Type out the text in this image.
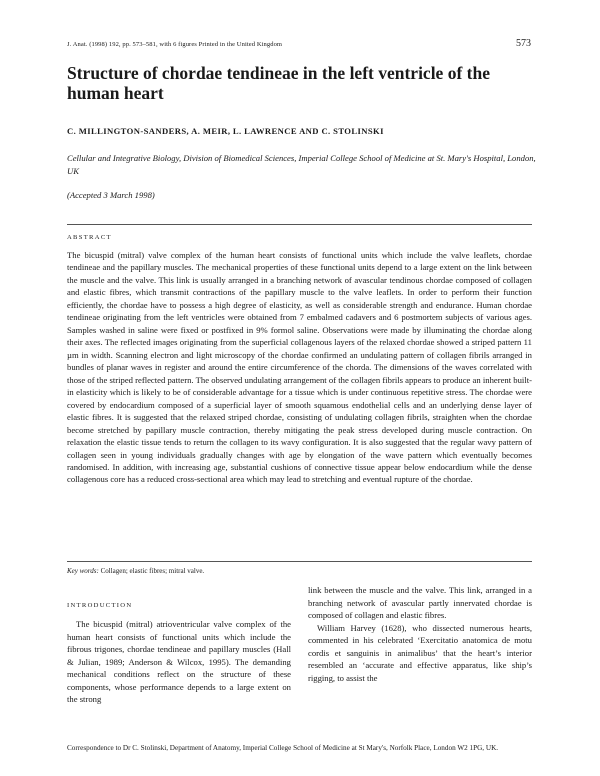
J. Anat. (1998) 192, pp. 573–581, with 6 figures Printed in the United Kingdom	573
Structure of chordae tendineae in the left ventricle of the human heart
C. MILLINGTON-SANDERS, A. MEIR, L. LAWRENCE AND C. STOLINSKI
Cellular and Integrative Biology, Division of Biomedical Sciences, Imperial College School of Medicine at St. Mary's Hospital, London, UK
(Accepted 3 March 1998)
ABSTRACT
The bicuspid (mitral) valve complex of the human heart consists of functional units which include the valve leaflets, chordae tendineae and the papillary muscles. The mechanical properties of these functional units depend to a large extent on the link between the muscle and the valve. This link is usually arranged in a branching network of avascular tendinous chordae composed of collagen and elastic fibres, which transmit contractions of the papillary muscle to the valve leaflets. In order to perform their function efficiently, the chordae have to possess a high degree of elasticity, as well as considerable strength and endurance. Human chordae tendineae originating from the left ventricles were obtained from 7 embalmed cadavers and 6 postmortem subjects of various ages. Samples washed in saline were fixed or postfixed in 9% formol saline. Observations were made by illuminating the chordae along their axes. The reflected images originating from the superficial collagenous layers of the relaxed chordae showed a striped pattern 11 µm in width. Scanning electron and light microscopy of the chordae confirmed an undulating pattern of collagen fibrils arranged in bundles of planar waves in register and around the entire circumference of the chorda. The dimensions of the waves correlated with those of the striped reflected pattern. The observed undulating arrangement of the collagen fibrils appears to produce an inherent built-in elasticity which is likely to be of considerable advantage for a tissue which is under continuous repetitive stress. The chordae were covered by endocardium composed of a superficial layer of smooth squamous endothelial cells and an underlying dense layer of elastic fibres. It is suggested that the relaxed striped chordae, consisting of undulating collagen fibrils, straighten when the chordae become stretched by papillary muscle contraction, thereby mitigating the peak stress developed during muscle contraction. On relaxation the elastic tissue tends to return the collagen to its wavy configuration. It is also suggested that the regular wavy pattern of collagen seen in young individuals gradually changes with age by elongation of the wave pattern which eventually becomes randomised. In addition, with increasing age, substantial cushions of connective tissue appear below endocardium while the dense collagenous core has a reduced cross-sectional area which may lead to stretching and eventual rupture of the chordae.
Key words: Collagen; elastic fibres; mitral valve.
INTRODUCTION
The bicuspid (mitral) atrioventricular valve complex of the human heart consists of functional units which include the fibrous trigones, chordae tendineae and papillary muscles (Hall & Julian, 1989; Anderson & Wilcox, 1995). The demanding mechanical conditions reflect on the structure of these components, whose performance depends to a large extent on the strong

link between the muscle and the valve. This link, arranged in a branching network of avascular partly innervated chordae is composed of collagen and elastic fibres.

William Harvey (1628), who dissected numerous hearts, commented in his celebrated ‘Exercitatio anatomica de motu cordis et sanguinis in animalibus’ that the heart’s interior resembled an ‘accurate and effective apparatus, like ship’s rigging, to assist the

Correspondence to Dr C. Stolinski, Department of Anatomy, Imperial College School of Medicine at St Mary's, Norfolk Place, London W2 1PG, UK.
